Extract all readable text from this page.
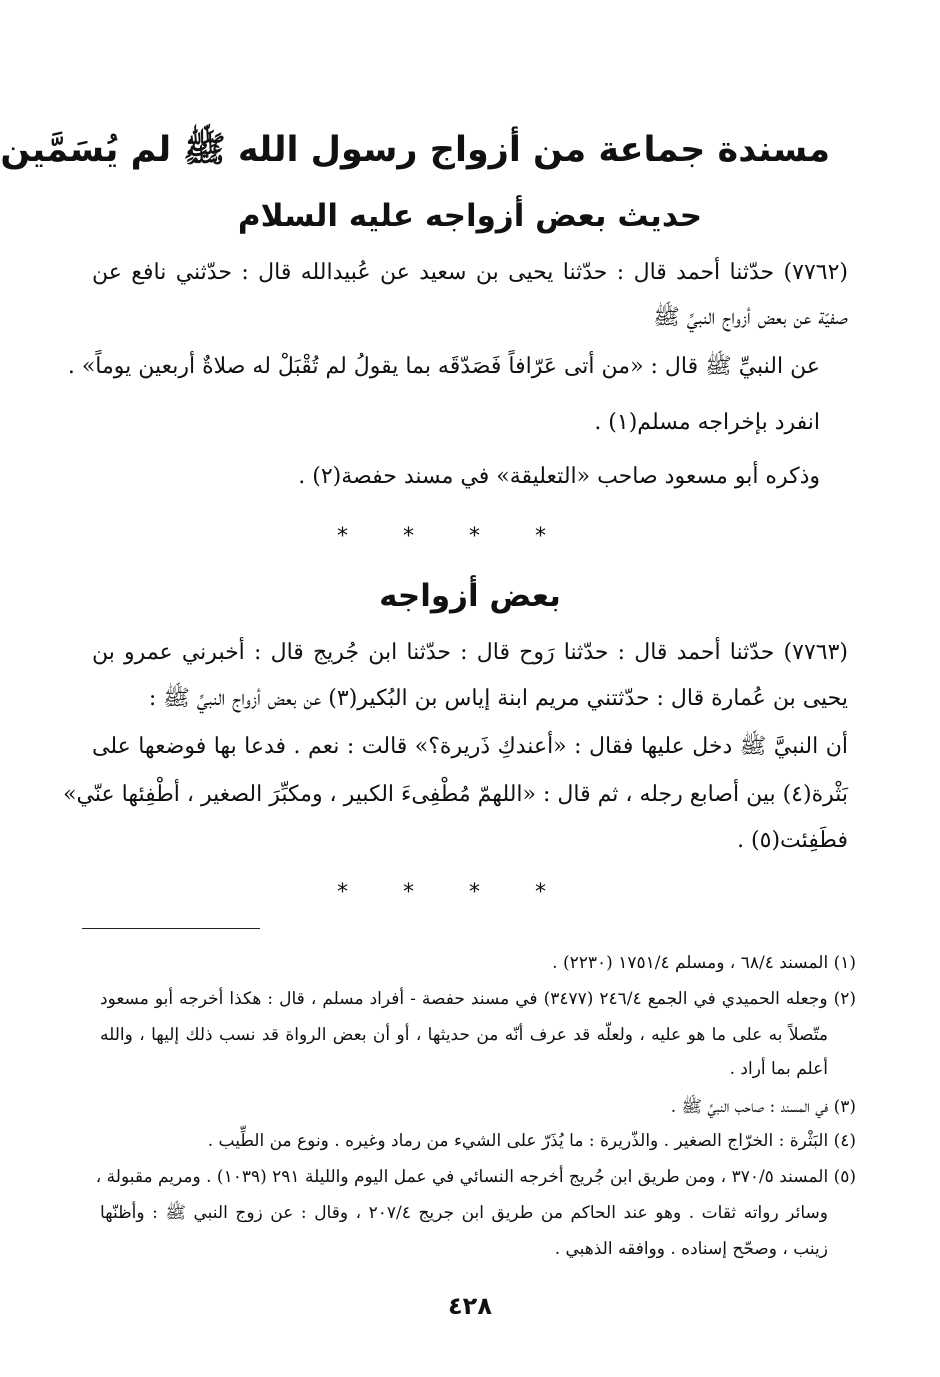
مسندة جماعة من أزواج رسول الله ﷺ لم يُسَمَّين
حديث بعض أزواجه عليه السلام
(٧٧٦٢) حدّثنا أحمد قال : حدّثنا يحيى بن سعيد عن عُبيدالله قال : حدّثني نافع عن
صفيّة عن بعض أزواج النبيِّ ﷺ
عن النبيِّ ﷺ قال : «من أتى عَرّافاً فَصَدّقَه بما يقولُ لم تُقْبَلْ له صلاةٌ أربعين يوماً» .
انفرد بإخراجه مسلم(١) .
وذكره أبو مسعود صاحب «التعليقة» في مسند حفصة(٢) .
* * * *
بعض أزواجه
(٧٧٦٣) حدّثنا أحمد قال : حدّثنا رَوح قال : حدّثنا ابن جُريج قال : أخبرني عمرو بن
يحيى بن عُمارة قال : حدّثتني مريم ابنة إياس بن البُكير(٣) عن بعض أزواج النبيِّ ﷺ :
أن النبيَّ ﷺ دخل عليها فقال : «أعندكِ ذَريرة؟» قالت : نعم . فدعا بها فوضعها على
بَثْرة(٤) بين أصابع رجله ، ثم قال : «اللهمّ مُطْفِىءَ الكبير ، ومكبِّرَ الصغير ، أطْفِئها عنّي»
فطَفِئت(٥) .
* * * *
(١) المسند ٦٨/٤ ، ومسلم ١٧٥١/٤ (٢٢٣٠) .
(٢) وجعله الحميدي في الجمع ٢٤٦/٤ (٣٤٧٧) في مسند حفصة - أفراد مسلم ، قال : هكذا أخرجه أبو مسعود
متّصلاً به على ما هو عليه ، ولعلّه قد عرف أنّه من حديثها ، أو أن بعض الرواة قد نسب ذلك إليها ، والله
أعلم بما أراد .
(٣) في المسند : صاحب النبيِّ ﷺ .
(٤) البَثْرة : الخرّاج الصغير . والذّريرة : ما يُذَرّ على الشيء من رماد وغيره . ونوع من الطِّيب .
(٥) المسند ٣٧٠/٥ ، ومن طريق ابن جُريج أخرجه النسائي في عمل اليوم والليلة ٢٩١ (١٠٣٩) . ومريم مقبولة ،
وسائر رواته ثقات . وهو عند الحاكم من طريق ابن جريج ٢٠٧/٤ ، وقال : عن زوج النبي ﷺ : وأظنّها
زينب ، وصحّح إسناده . ووافقه الذهبي .
٤٢٨
